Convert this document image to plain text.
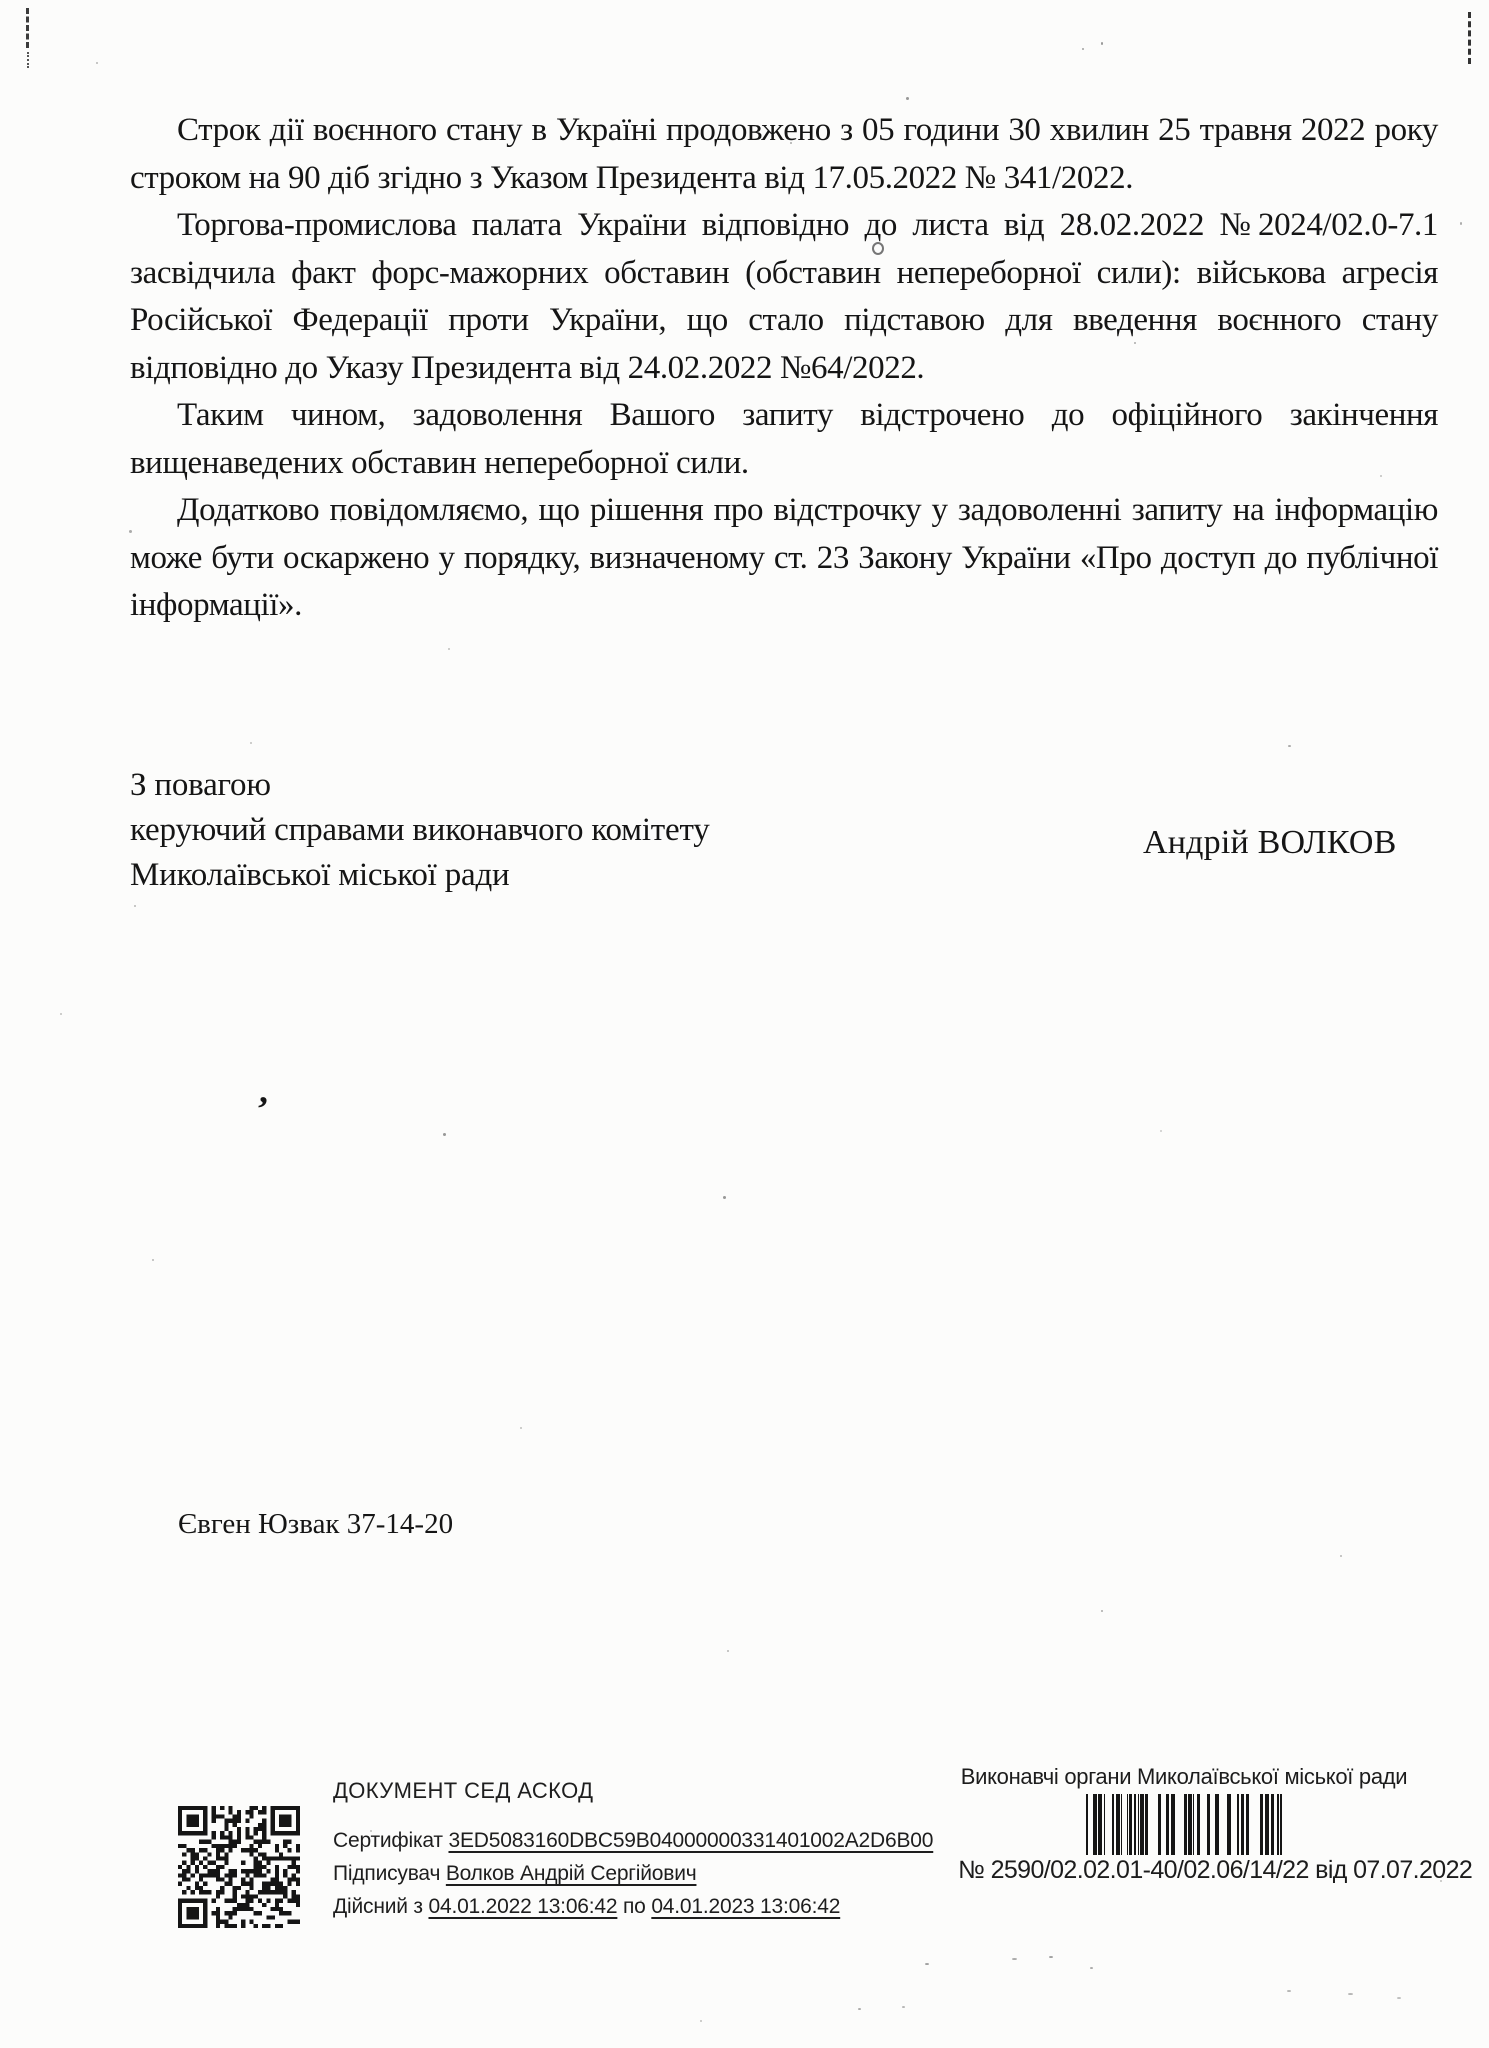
Строк дії воєнного стану в Україні продовжено з 05 години 30 хвилин 25 травня 2022 року строком на 90 діб згідно з Указом Президента від 17.05.2022 № 341/2022.

Торгова-промислова палата України відповідно до листа від 28.02.2022 №2024/02.0-7.1 засвідчила факт форс-мажорних обставин (обставин непереборної сили): військова агресія Російської Федерації проти України, що стало підставою для введення воєнного стану відповідно до Указу Президента від 24.02.2022 №64/2022.

Таким чином, задоволення Вашого запиту відстрочено до офіційного закінчення вищенаведених обставин непереборної сили.

Додатково повідомляємо, що рішення про відстрочку у задоволенні запиту на інформацію може бути оскаржено у порядку, визначеному ст. 23 Закону України «Про доступ до публічної інформації».

З повагою

керуючий справами виконавчого комітету

Миколаївської міської ради

Андрій ВОЛКОВ
ʼ
Євген Юзвак 37-14-20
ДОКУМЕНТ СЕД АСКОД
Сертифікат 3ED5083160DBC59B04000000331401002A2D6B00
Підписувач Волков Андрій Сергійович
Дійсний з 04.01.2022 13:06:42 по 04.01.2023 13:06:42
Виконавчі органи Миколаївської міської ради
№ 2590/02.02.01-40/02.06/14/22 від 07.07.2022
